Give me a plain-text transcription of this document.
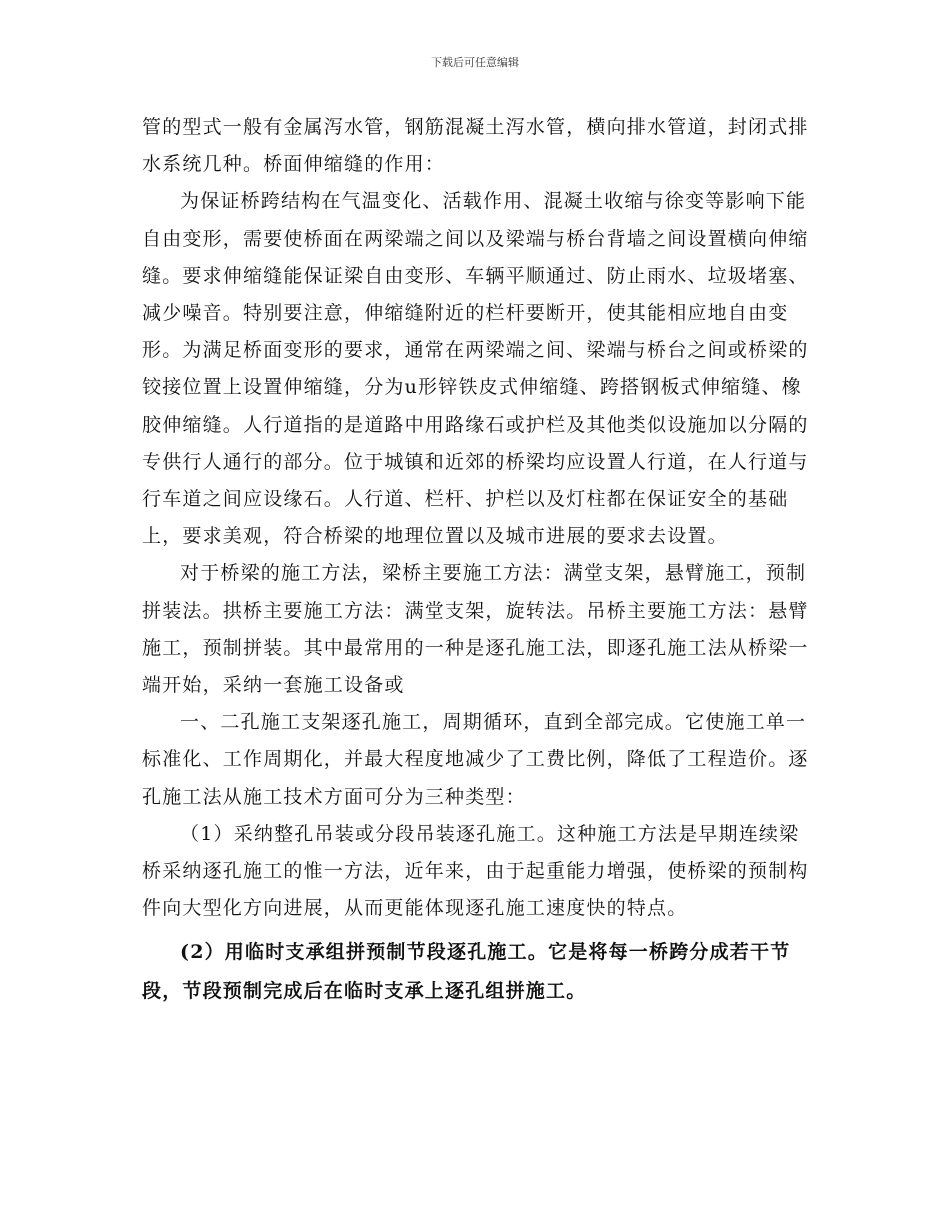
下载后可任意编辑

管的型式一般有金属泻水管，钢筋混凝土泻水管，横向排水管道，封闭式排水系统几种。桥面伸缩缝的作用：

为保证桥跨结构在气温变化、活载作用、混凝土收缩与徐变等影响下能自由变形，需要使桥面在两梁端之间以及梁端与桥台背墙之间设置横向伸缩缝。要求伸缩缝能保证梁自由变形、车辆平顺通过、防止雨水、垃圾堵塞、减少噪音。特别要注意，伸缩缝附近的栏杆要断开，使其能相应地自由变形。为满足桥面变形的要求，通常在两梁端之间、梁端与桥台之间或桥梁的铰接位置上设置伸缩缝，分为u形锌铁皮式伸缩缝、跨搭钢板式伸缩缝、橡胶伸缩缝。人行道指的是道路中用路缘石或护栏及其他类似设施加以分隔的专供行人通行的部分。位于城镇和近郊的桥梁均应设置人行道，在人行道与行车道之间应设缘石。人行道、栏杆、护栏以及灯柱都在保证安全的基础上，要求美观，符合桥梁的地理位置以及城市进展的要求去设置。

对于桥梁的施工方法，梁桥主要施工方法：满堂支架，悬臂施工，预制拼装法。拱桥主要施工方法：满堂支架，旋转法。吊桥主要施工方法：悬臂施工，预制拼装。其中最常用的一种是逐孔施工法，即逐孔施工法从桥梁一端开始，采纳一套施工设备或

一、二孔施工支架逐孔施工，周期循环，直到全部完成。它使施工单一标准化、工作周期化，并最大程度地减少了工费比例，降低了工程造价。逐孔施工法从施工技术方面可分为三种类型：

（1）采纳整孔吊装或分段吊装逐孔施工。这种施工方法是早期连续梁桥采纳逐孔施工的惟一方法，近年来，由于起重能力增强，使桥梁的预制构件向大型化方向进展，从而更能体现逐孔施工速度快的特点。

(2）用临时支承组拼预制节段逐孔施工。它是将每一桥跨分成若干节段，节段预制完成后在临时支承上逐孔组拼施工。
